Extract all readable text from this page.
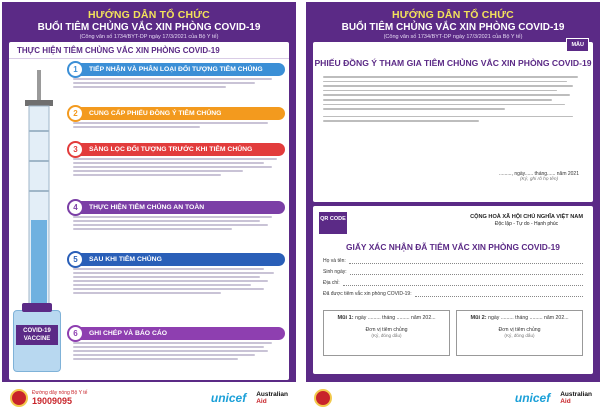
HƯỚNG DẪN TỔ CHỨC
BUỔI TIÊM CHỦNG VẮC XIN PHÒNG COVID-19
(Công văn số 1734/BYT-DP ngày 17/3/2021 của Bộ Y tế)
THỰC HIỆN TIÊM CHỦNG VẮC XIN PHÒNG COVID-19
COVID-19 VACCINE
1	TIẾP NHẬN VÀ PHÂN LOẠI ĐỐI TƯỢNG TIÊM CHỦNG
2	CUNG CẤP PHIẾU ĐỒNG Ý TIÊM CHỦNG
3	SÀNG LỌC ĐỐI TƯỢNG TRƯỚC KHI TIÊM CHỦNG
4	THỰC HIỆN TIÊM CHỦNG AN TOÀN
5	SAU KHI TIÊM CHỦNG
6	GHI CHÉP VÀ BÁO CÁO
Đường dây nóng Bộ Y tế
19009095	unicef Australian
Aid
HƯỚNG DẪN TỔ CHỨC
BUỔI TIÊM CHỦNG VẮC XIN PHÒNG COVID-19
(Công văn số 1734/BYT-DP ngày 17/3/2021 của Bộ Y tế)
MẪU
PHIẾU ĐỒNG Ý THAM GIA TIÊM CHỦNG VẮC XIN PHÒNG COVID-19
........., ngày...... tháng...... năm 2021
(Ký, ghi rõ họ tên)
QR CODE	CỘNG HOÀ XÃ HỘI CHỦ NGHĨA VIỆT NAM
Độc lập - Tự do - Hạnh phúc
GIẤY XÁC NHẬN ĐÃ TIÊM VẮC XIN PHÒNG COVID-19
Họ và tên:
Sinh ngày:
Địa chỉ:
Đã được tiêm vắc xin phòng COVID-19:
Mũi 1: ngày ......... tháng ......... năm 202...
Đơn vị tiêm chủng
(Ký, đóng dấu)
Mũi 2: ngày ......... tháng ......... năm 202...
Đơn vị tiêm chủng
(Ký, đóng dấu)
unicef Australian
Aid
